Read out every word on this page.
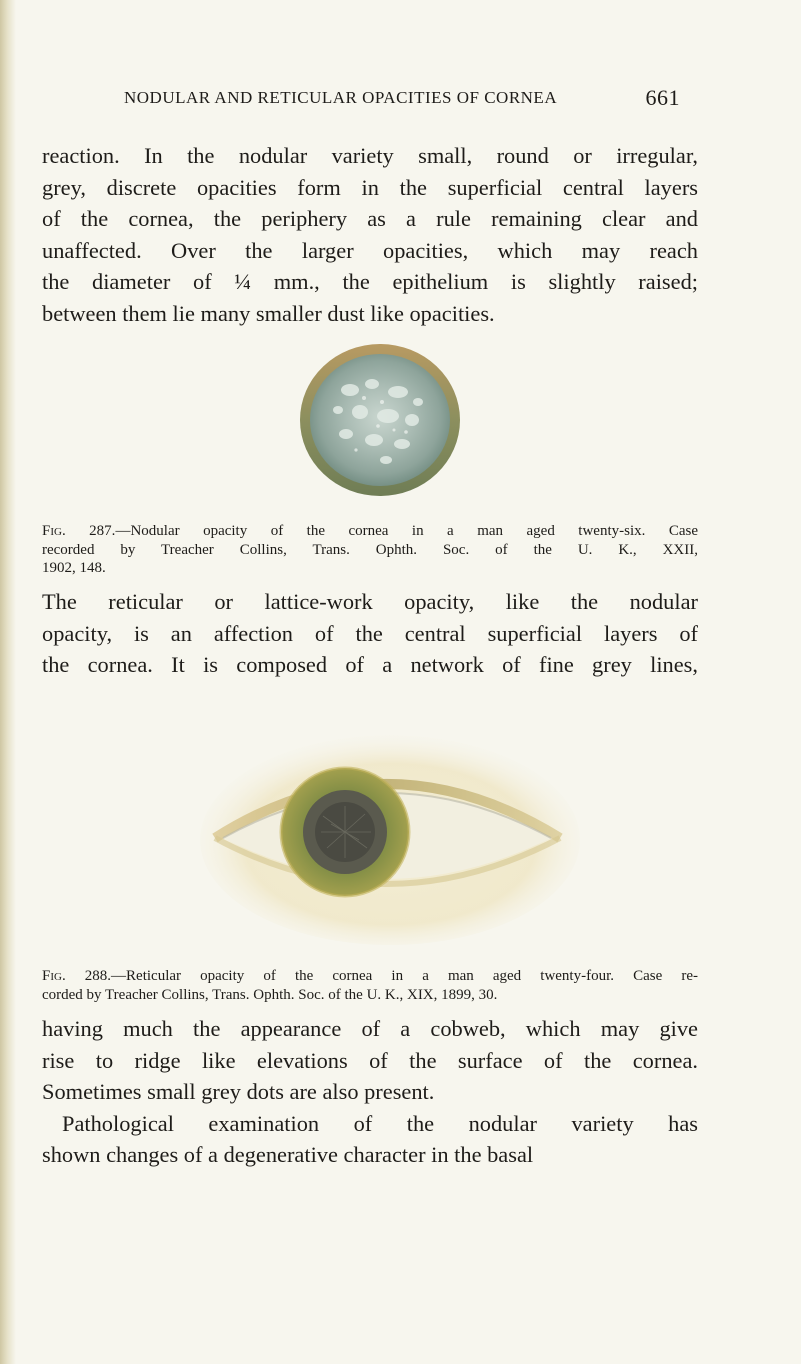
NODULAR AND RETICULAR OPACITIES OF CORNEA	661

reaction. In the nodular variety small, round or irregular,
grey, discrete opacities form in the superficial central layers
of the cornea, the periphery as a rule remaining clear and
unaffected. Over the larger opacities, which may reach
the diameter of ¼ mm., the epithelium is slightly raised;
between them lie many smaller dust like opacities.

Fig. 287.—Nodular opacity of the cornea in a man aged twenty-six. Case
recorded by Treacher Collins, Trans. Ophth. Soc. of the U. K., XXII,
1902, 148.

The reticular or lattice-work opacity, like the nodular
opacity, is an affection of the central superficial layers of
the cornea. It is composed of a network of fine grey lines,

Fig. 288.—Reticular opacity of the cornea in a man aged twenty-four. Case re-
corded by Treacher Collins, Trans. Ophth. Soc. of the U. K., XIX, 1899, 30.

having much the appearance of a cobweb, which may give
rise to ridge like elevations of the surface of the cornea.
Sometimes small grey dots are also present.
Pathological examination of the nodular variety has
shown changes of a degenerative character in the basal
